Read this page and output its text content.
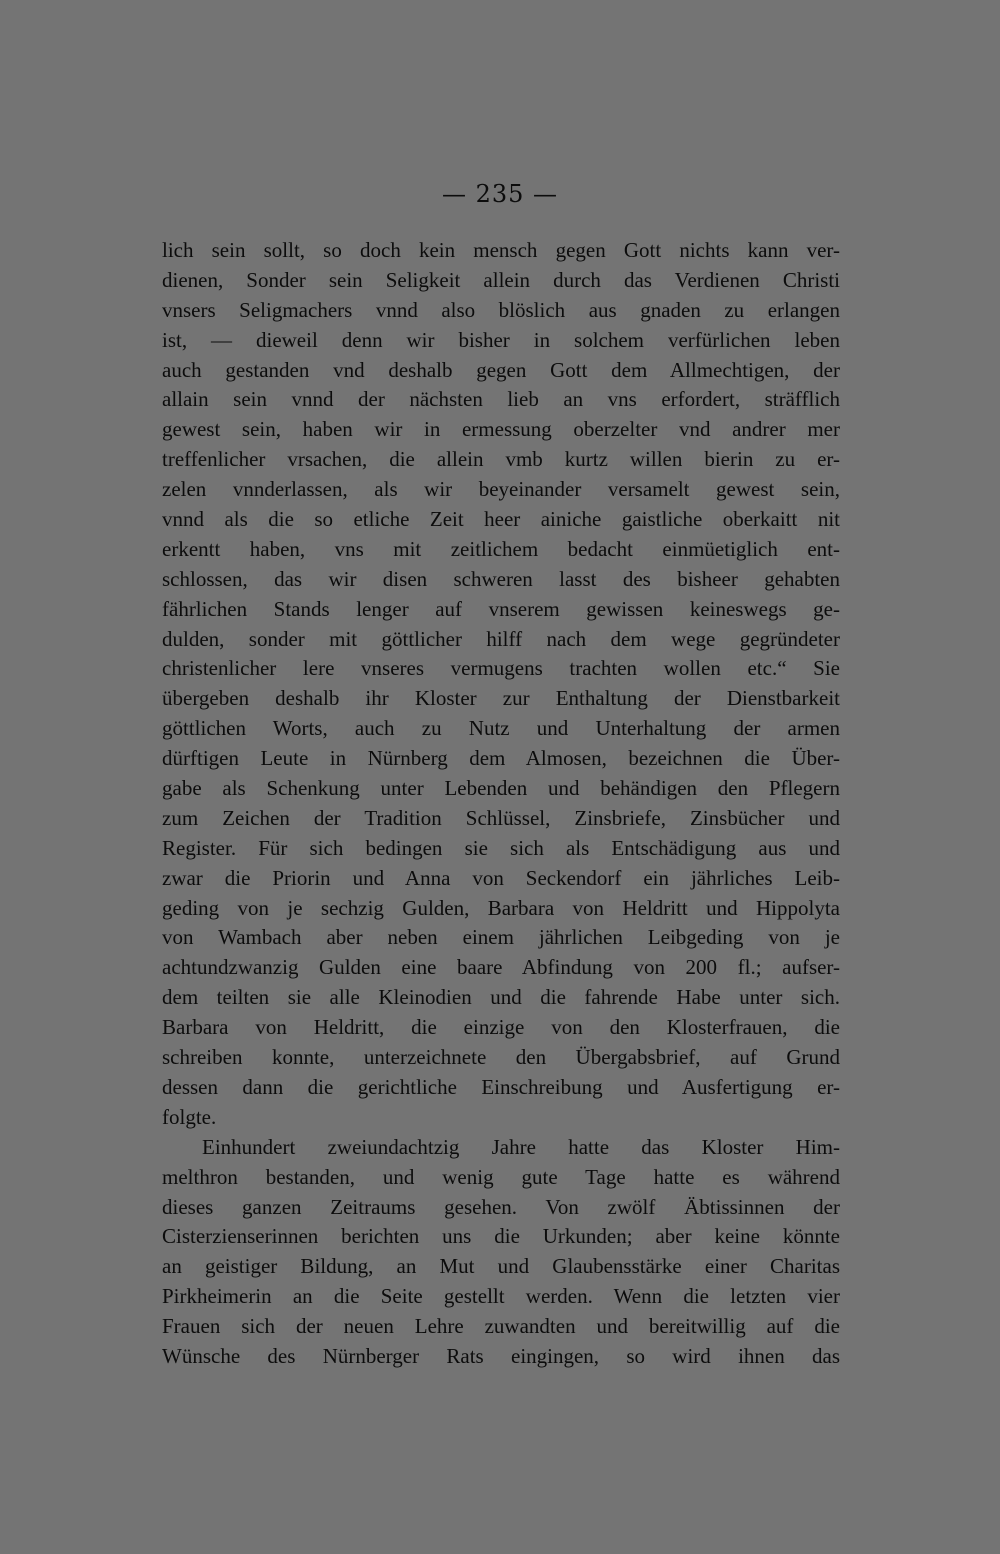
— 235 —
lich sein sollt, so doch kein mensch gegen Gott nichts kann ver-
dienen, Sonder sein Seligkeit allein durch das Verdienen Christi
vnsers Seligmachers vnnd also blöslich aus gnaden zu erlangen
ist, — dieweil denn wir bisher in solchem verfürlichen leben
auch gestanden vnd deshalb gegen Gott dem Allmechtigen, der
allain sein vnnd der nächsten lieb an vns erfordert, sträfflich
gewest sein, haben wir in ermessung oberzelter vnd andrer mer
treffenlicher vrsachen, die allein vmb kurtz willen bierin zu er-
zelen vnnderlassen, als wir beyeinander versamelt gewest sein,
vnnd als die so etliche Zeit heer ainiche gaistliche oberkaitt nit
erkentt haben, vns mit zeitlichem bedacht einmüetiglich ent-
schlossen, das wir disen schweren lasst des bisheer gehabten
fährlichen Stands lenger auf vnserem gewissen keineswegs ge-
dulden, sonder mit göttlicher hilff nach dem wege gegründeter
christenlicher lere vnseres vermugens trachten wollen etc.“ Sie
übergeben deshalb ihr Kloster zur Enthaltung der Dienstbarkeit
göttlichen Worts, auch zu Nutz und Unterhaltung der armen
dürftigen Leute in Nürnberg dem Almosen, bezeichnen die Über-
gabe als Schenkung unter Lebenden und behändigen den Pflegern
zum Zeichen der Tradition Schlüssel, Zinsbriefe, Zinsbücher und
Register. Für sich bedingen sie sich als Entschädigung aus und
zwar die Priorin und Anna von Seckendorf ein jährliches Leib-
geding von je sechzig Gulden, Barbara von Heldritt und Hippolyta
von Wambach aber neben einem jährlichen Leibgeding von je
achtundzwanzig Gulden eine baare Abfindung von 200 fl.; aufser-
dem teilten sie alle Kleinodien und die fahrende Habe unter sich.
Barbara von Heldritt, die einzige von den Klosterfrauen, die
schreiben konnte, unterzeichnete den Übergabsbrief, auf Grund
dessen dann die gerichtliche Einschreibung und Ausfertigung er-
folgte.
Einhundert zweiundachtzig Jahre hatte das Kloster Him-
melthron bestanden, und wenig gute Tage hatte es während
dieses ganzen Zeitraums gesehen. Von zwölf Äbtissinnen der
Cisterzienserinnen berichten uns die Urkunden; aber keine könnte
an geistiger Bildung, an Mut und Glaubensstärke einer Charitas
Pirkheimerin an die Seite gestellt werden. Wenn die letzten vier
Frauen sich der neuen Lehre zuwandten und bereitwillig auf die
Wünsche des Nürnberger Rats eingingen, so wird ihnen das
